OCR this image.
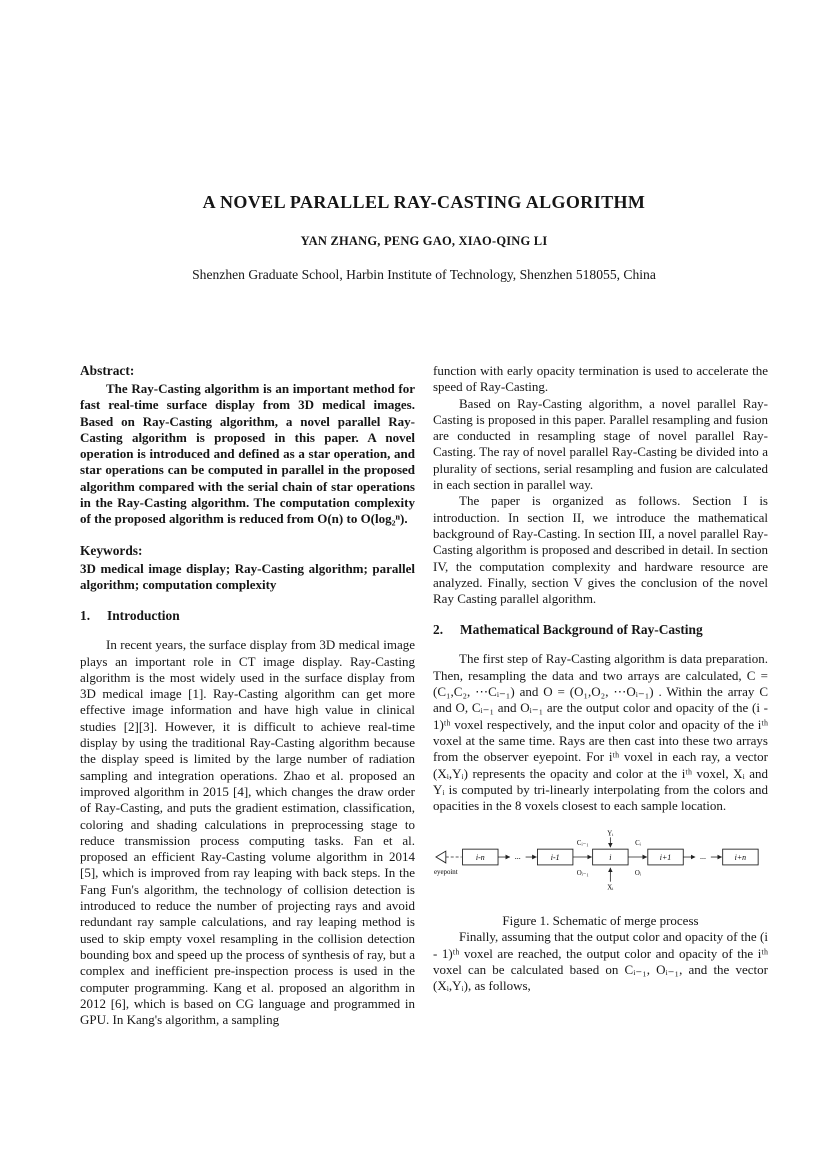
A NOVEL PARALLEL RAY-CASTING ALGORITHM
YAN ZHANG, PENG GAO, XIAO-QING LI
Shenzhen Graduate School, Harbin Institute of Technology, Shenzhen 518055, China
Abstract:

The Ray-Casting algorithm is an important method for fast real-time surface display from 3D medical images. Based on Ray-Casting algorithm, a novel parallel Ray-Casting algorithm is proposed in this paper. A novel operation is introduced and defined as a star operation, and star operations can be computed in parallel in the proposed algorithm compared with the serial chain of star operations in the Ray-Casting algorithm. The computation complexity of the proposed algorithm is reduced from O(n) to O(log₂ⁿ).

Keywords:

3D medical image display; Ray-Casting algorithm; parallel algorithm; computation complexity

1. Introduction

In recent years, the surface display from 3D medical image plays an important role in CT image display. Ray-Casting algorithm is the most widely used in the surface display from 3D medical image [1]. Ray-Casting algorithm can get more effective image information and have high value in clinical studies [2][3]. However, it is difficult to achieve real-time display by using the traditional Ray-Casting algorithm because the display speed is limited by the large number of radiation sampling and integration operations. Zhao et al. proposed an improved algorithm in 2015 [4], which changes the draw order of Ray-Casting, and puts the gradient estimation, classification, coloring and shading calculations in preprocessing stage to reduce transmission process computing tasks. Fan et al. proposed an efficient Ray-Casting volume algorithm in 2014 [5], which is improved from ray leaping with back steps. In the Fang Fun's algorithm, the technology of collision detection is introduced to reduce the number of projecting rays and avoid redundant ray sample calculations, and ray leaping method is used to skip empty voxel resampling in the collision detection bounding box and speed up the process of synthesis of ray, but a complex and inefficient pre-inspection process is used in the computer programming. Kang et al. proposed an algorithm in 2012 [6], which is based on CG language and programmed in GPU. In Kang's algorithm, a sampling

function with early opacity termination is used to accelerate the speed of Ray-Casting.

Based on Ray-Casting algorithm, a novel parallel Ray-Casting is proposed in this paper. Parallel resampling and fusion are conducted in resampling stage of novel parallel Ray-Casting. The ray of novel parallel Ray-Casting be divided into a plurality of sections, serial resampling and fusion are calculated in each section in parallel way.

The paper is organized as follows. Section I is introduction. In section II, we introduce the mathematical background of Ray-Casting. In section III, a novel parallel Ray-Casting algorithm is proposed and described in detail. In section IV, the computation complexity and hardware resource are analyzed. Finally, section V gives the conclusion of the novel Ray Casting parallel algorithm.

2. Mathematical Background of Ray-Casting

The first step of Ray-Casting algorithm is data preparation. Then, resampling the data and two arrays are calculated, C = (C₁,C₂, ⋯Cᵢ₋₁) and O = (O₁,O₂, ⋯Oᵢ₋₁) . Within the array C and O, Cᵢ₋₁ and Oᵢ₋₁ are the output color and opacity of the (i - 1)ᵗʰ voxel respectively, and the input color and opacity of the iᵗʰ voxel at the same time. Rays are then cast into these two arrays from the observer eyepoint. For iᵗʰ voxel in each ray, a vector (Xᵢ,Yᵢ) represents the opacity and color at the iᵗʰ voxel, Xᵢ and Yᵢ is computed by tri-linearly interpolating from the colors and opacities in the 8 voxels closest to each sample location.

eyepoint
i-n	...	i-1
Cᵢ₋₁
Oᵢ₋₁
i
Yᵢ
Xᵢ
Cᵢ
Oᵢ
i+1	...	i+n
Figure 1. Schematic of merge process

Finally, assuming that the output color and opacity of the (i - 1)ᵗʰ voxel are reached, the output color and opacity of the iᵗʰ voxel can be calculated based on Cᵢ₋₁, Oᵢ₋₁, and the vector (Xᵢ,Yᵢ), as follows,
